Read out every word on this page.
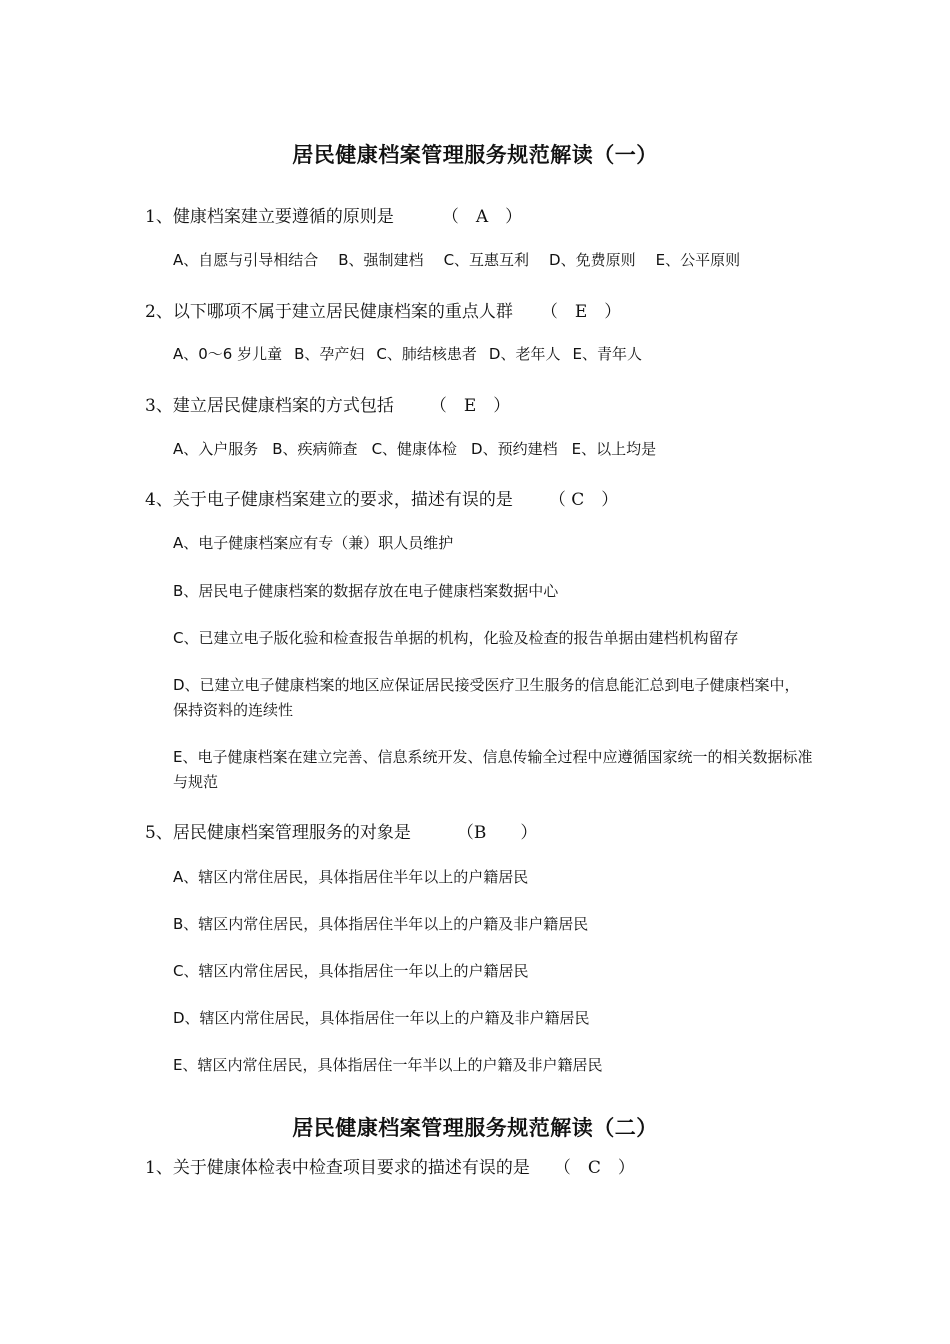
居民健康档案管理服务规范解读（一）
1、健康档案建立要遵循的原则是	（　A　）
A、自愿与引导相结合 B、强制建档 C、互惠互利 D、免费原则 E、公平原则
2、以下哪项不属于建立居民健康档案的重点人群 （　E　）
A、0～6 岁儿童 B、孕产妇 C、肺结核患者 D、老年人 E、青年人
3、建立居民健康档案的方式包括 （　E　）
A、入户服务 B、疾病筛查 C、健康体检 D、预约建档 E、以上均是
4、关于电子健康档案建立的要求，描述有误的是 （ C　）
A、电子健康档案应有专（兼）职人员维护
B、居民电子健康档案的数据存放在电子健康档案数据中心
C、已建立电子版化验和检查报告单据的机构，化验及检查的报告单据由建档机构留存
D、已建立电子健康档案的地区应保证居民接受医疗卫生服务的信息能汇总到电子健康档案中，保持资料的连续性
E、电子健康档案在建立完善、信息系统开发、信息传输全过程中应遵循国家统一的相关数据标准与规范
5、居民健康档案管理服务的对象是	（B　　）
A、辖区内常住居民，具体指居住半年以上的户籍居民
B、辖区内常住居民，具体指居住半年以上的户籍及非户籍居民
C、辖区内常住居民，具体指居住一年以上的户籍居民
D、辖区内常住居民，具体指居住一年以上的户籍及非户籍居民
E、辖区内常住居民，具体指居住一年半以上的户籍及非户籍居民
居民健康档案管理服务规范解读（二）
1、关于健康体检表中检查项目要求的描述有误的是 （　C　）
